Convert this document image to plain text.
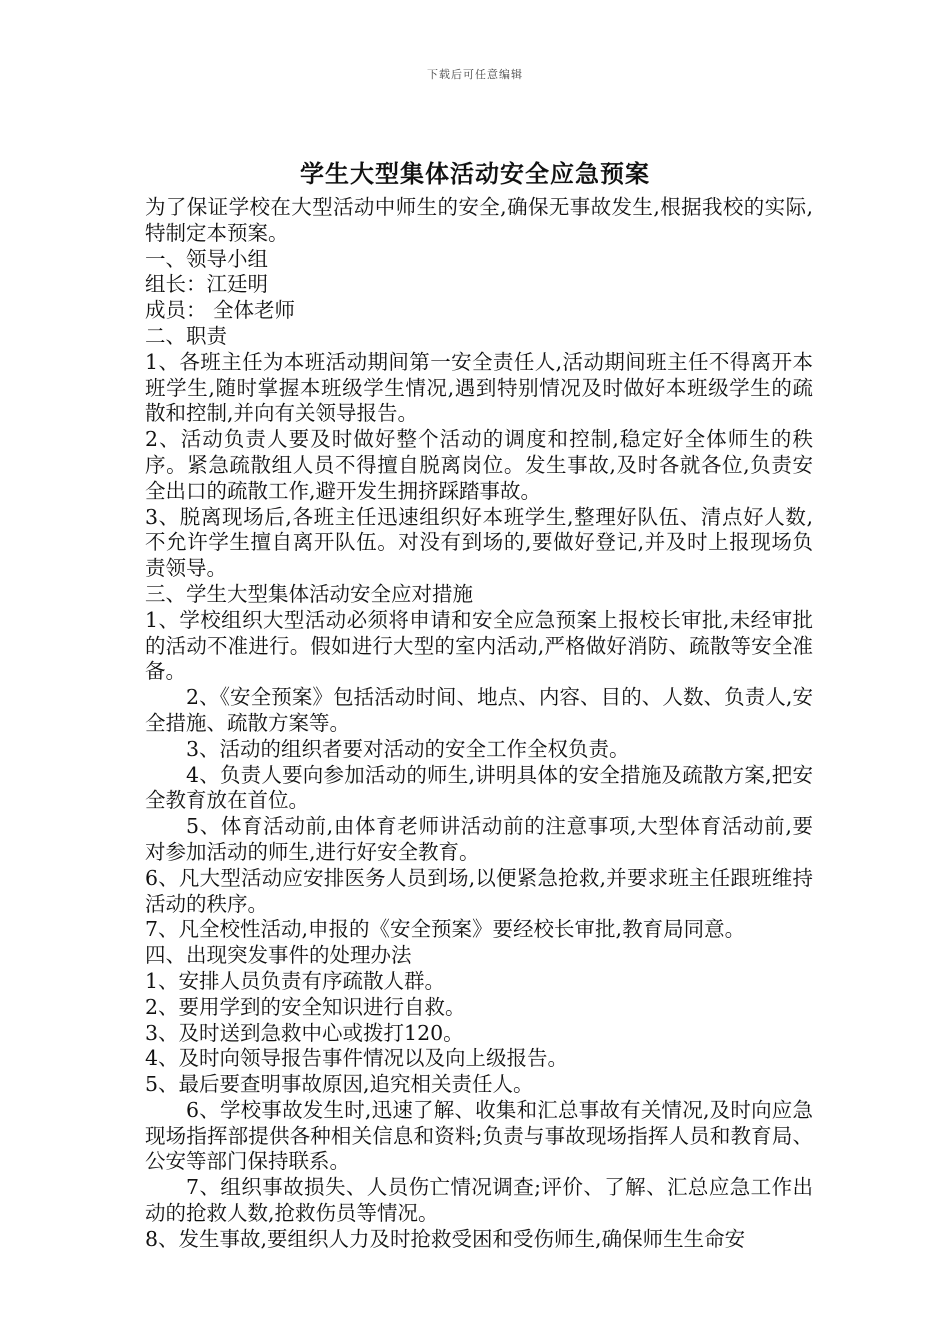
下载后可任意编辑
学生大型集体活动安全应急预案

为了保证学校在大型活动中师生的安全,确保无事故发生,根据我校的实际,特制定本预案。

一、领导小组

组长：江廷明

成员： 全体老师

二、职责

1、各班主任为本班活动期间第一安全责任人,活动期间班主任不得离开本班学生,随时掌握本班级学生情况,遇到特别情况及时做好本班级学生的疏散和控制,并向有关领导报告。

2、活动负责人要及时做好整个活动的调度和控制,稳定好全体师生的秩序。紧急疏散组人员不得擅自脱离岗位。发生事故,及时各就各位,负责安全出口的疏散工作,避开发生拥挤踩踏事故。

3、脱离现场后,各班主任迅速组织好本班学生,整理好队伍、清点好人数,不允许学生擅自离开队伍。对没有到场的,要做好登记,并及时上报现场负责领导。

三、学生大型集体活动安全应对措施

1、学校组织大型活动必须将申请和安全应急预案上报校长审批,未经审批的活动不准进行。假如进行大型的室内活动,严格做好消防、疏散等安全准备。

2、《安全预案》包括活动时间、地点、内容、目的、人数、负责人,安全措施、疏散方案等。

3、活动的组织者要对活动的安全工作全权负责。

4、负责人要向参加活动的师生,讲明具体的安全措施及疏散方案,把安全教育放在首位。

5、体育活动前,由体育老师讲活动前的注意事项,大型体育活动前,要对参加活动的师生,进行好安全教育。

6、凡大型活动应安排医务人员到场,以便紧急抢救,并要求班主任跟班维持活动的秩序。

7、凡全校性活动,申报的《安全预案》要经校长审批,教育局同意。

四、出现突发事件的处理办法

1、安排人员负责有序疏散人群。

2、要用学到的安全知识进行自救。

3、及时送到急救中心或拨打120。

4、及时向领导报告事件情况以及向上级报告。

5、最后要查明事故原因,追究相关责任人。

6、学校事故发生时,迅速了解、收集和汇总事故有关情况,及时向应急现场指挥部提供各种相关信息和资料;负责与事故现场指挥人员和教育局、公安等部门保持联系。

7、组织事故损失、人员伤亡情况调查;评价、了解、汇总应急工作出动的抢救人数,抢救伤员等情况。

8、发生事故,要组织人力及时抢救受困和受伤师生,确保师生生命安
